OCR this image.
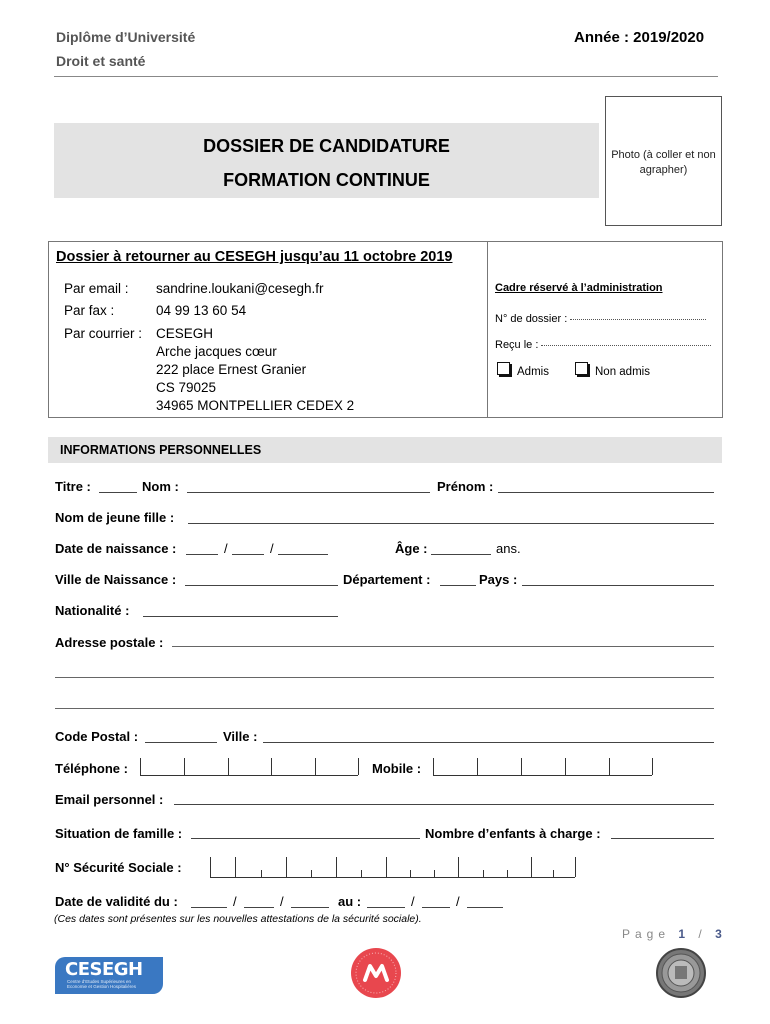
Diplôme d’Université
Droit et santé
Année : 2019/2020
DOSSIER DE CANDIDATURE
FORMATION CONTINUE
Photo (à coller et non agrapher)
Dossier à retourner au CESEGH jusqu’au 11 octobre 2019
Par email : sandrine.loukani@cesegh.fr
Par fax :	04 99 13 60 54
Par courrier : CESEGH
Arche jacques cœur
222 place Ernest Granier
CS 79025
34965 MONTPELLIER CEDEX 2
Cadre réservé à l’administration
N° de dossier :
Reçu le :
Admis	Non admis
INFORMATIONS PERSONNELLES
Titre :	Nom :	Prénom :
Nom de jeune fille :
Date de naissance :	/	/	Âge :	ans.
Ville de Naissance :	Département :	Pays :
Nationalité :
Adresse postale :
Code Postal :	Ville :
Téléphone :	Mobile :
Email personnel :
Situation de famille :	Nombre d’enfants à charge :
N° Sécurité Sociale :
Date de validité du :	/	/	au :	/	/
(Ces dates sont présentes sur les nouvelles attestations de la sécurité sociale).
Page 1 / 3
CESEGH
Centre d’Etudes Supérieures en Economie et Gestion Hospitalières
